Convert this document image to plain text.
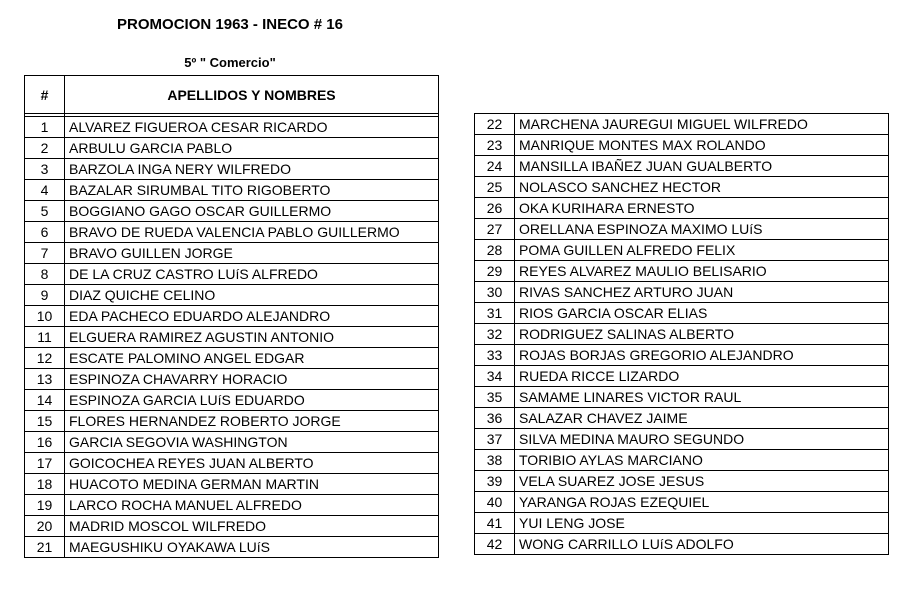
PROMOCION 1963 - INECO # 16
5º " Comercio"
#	APELLIDOS Y NOMBRES

1	ALVAREZ FIGUEROA CESAR RICARDO
2	ARBULU GARCIA PABLO
3	BARZOLA INGA NERY WILFREDO
4	BAZALAR SIRUMBAL TITO RIGOBERTO
5	BOGGIANO GAGO OSCAR GUILLERMO
6	BRAVO DE RUEDA VALENCIA PABLO GUILLERMO
7	BRAVO GUILLEN JORGE
8	DE LA CRUZ CASTRO LUíS ALFREDO
9	DIAZ QUICHE CELINO
10	EDA PACHECO EDUARDO ALEJANDRO
11	ELGUERA RAMIREZ AGUSTIN ANTONIO
12	ESCATE PALOMINO ANGEL EDGAR
13	ESPINOZA CHAVARRY HORACIO
14	ESPINOZA GARCIA LUíS EDUARDO
15	FLORES HERNANDEZ ROBERTO JORGE
16	GARCIA SEGOVIA WASHINGTON
17	GOICOCHEA REYES JUAN ALBERTO
18	HUACOTO MEDINA GERMAN MARTIN
19	LARCO ROCHA MANUEL ALFREDO
20	MADRID MOSCOL WILFREDO
21	MAEGUSHIKU OYAKAWA LUíS
22	MARCHENA JAUREGUI MIGUEL WILFREDO
23	MANRIQUE MONTES MAX ROLANDO
24	MANSILLA IBAÑEZ JUAN GUALBERTO
25	NOLASCO SANCHEZ HECTOR
26	OKA KURIHARA ERNESTO
27	ORELLANA ESPINOZA MAXIMO LUíS
28	POMA GUILLEN ALFREDO FELIX
29	REYES ALVAREZ MAULIO BELISARIO
30	RIVAS SANCHEZ ARTURO JUAN
31	RIOS GARCIA OSCAR ELIAS
32	RODRIGUEZ SALINAS ALBERTO
33	ROJAS BORJAS GREGORIO ALEJANDRO
34	RUEDA RICCE LIZARDO
35	SAMAME LINARES VICTOR RAUL
36	SALAZAR CHAVEZ JAIME
37	SILVA MEDINA MAURO SEGUNDO
38	TORIBIO AYLAS MARCIANO
39	VELA SUAREZ JOSE JESUS
40	YARANGA ROJAS EZEQUIEL
41	YUI LENG JOSE
42	WONG CARRILLO LUíS ADOLFO
